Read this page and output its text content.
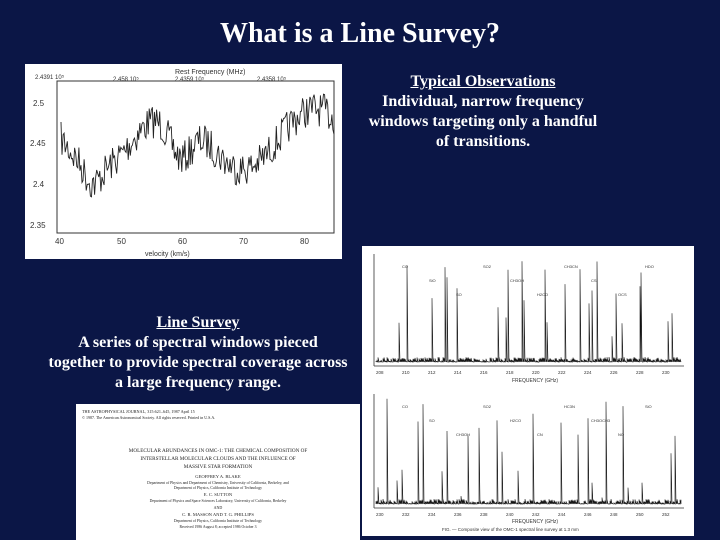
What is a Line Survey?
Rest Frequency (MHz)
2.4391 10⁵	2.458 10⁵	2.4359 10⁵	2.4358 10⁵
2.5
2.45
2.4
2.35
40	50	60	70	80
velocity (km/s)
Typical Observations
Individual, narrow frequency windows targeting only a handful of transitions.
Line Survey
A series of spectral windows pieced together to provide spectral coverage across a large frequency range.
THE ASTROPHYSICAL JOURNAL, 315:621–645, 1987 April 15
© 1987. The American Astronomical Society. All rights reserved. Printed in U.S.A.
MOLECULAR ABUNDANCES IN OMC-1: THE CHEMICAL COMPOSITION OF
INTERSTELLAR MOLECULAR CLOUDS AND THE INFLUENCE OF
MASSIVE STAR FORMATION
GEOFFREY A. BLAKE
Department of Physics and Department of Chemistry, University of California, Berkeley, and
Department of Physics, California Institute of Technology
E. C. SUTTON
Department of Physics and Space Sciences Laboratory, University of California, Berkeley
AND
C. R. MASSON AND T. G. PHILLIPS
Department of Physics, California Institute of Technology
Received 1986 August 8; accepted 1986 October 3
208	210	212	214	216	218	220	222	224	226	228	230
CO
SiO
SO
SO2
CH3OH
H2CO
CH3CN
CS
OCS
HDO
FREQUENCY (GHz)
230	232	234	236	238	240	242	244	246	248	250	252
CO
SO
CH3OH
SO2
H2CO
CN
HC3N
CH3OCH3
NO
SiO
FREQUENCY (GHz)
FIG. — Composite view of the OMC-1 spectral line survey at 1.3 mm
